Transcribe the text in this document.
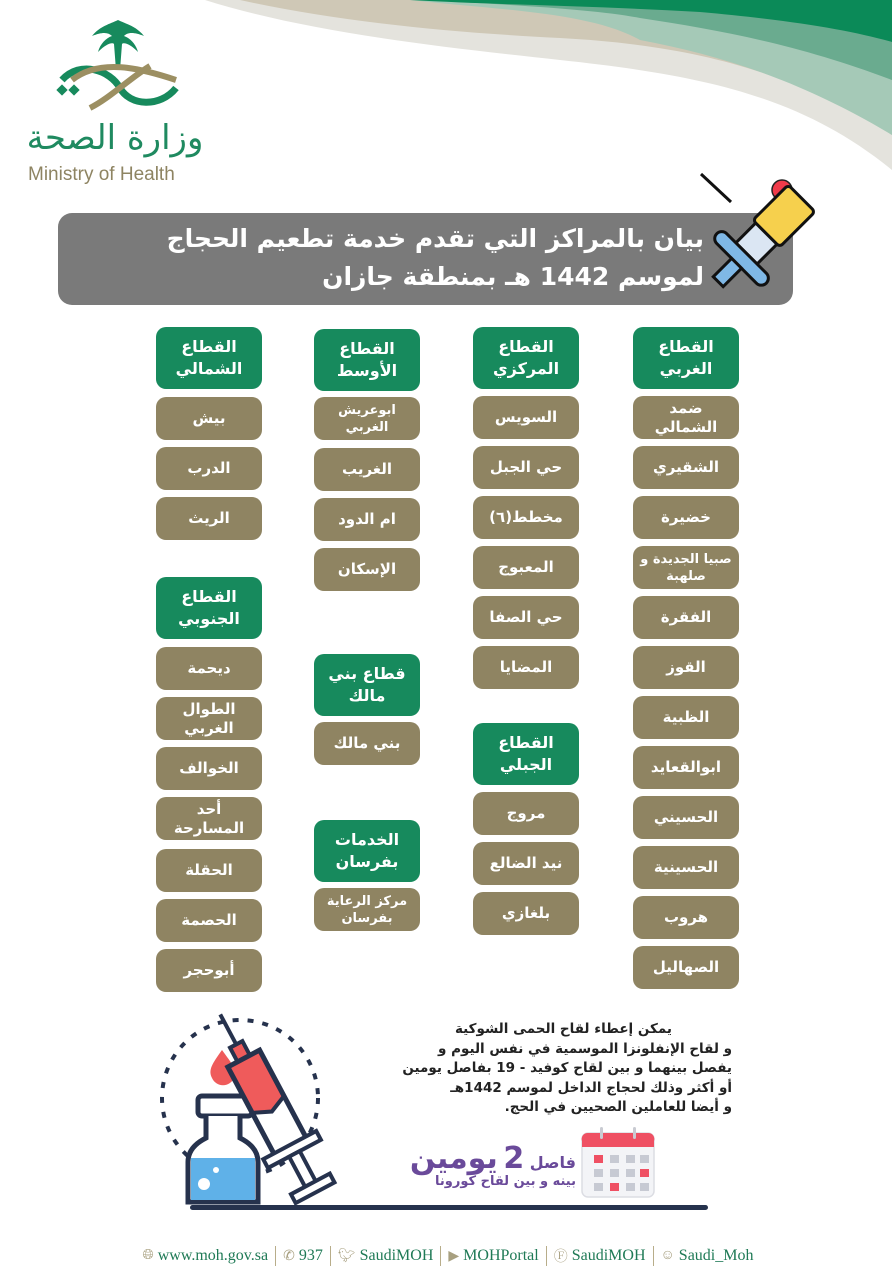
وزارة الصحة
Ministry of Health
بيان بالمراكز التي تقدم خدمة تطعيم الحجاج
لموسم 1442 هـ بمنطقة جازان
القطاع الغربي
ضمد الشمالي
الشقيري
خضيرة
صبيا الجديدة و صلهبة
الفقرة
القوز
الظبية
ابوالقعايد
الحسيني
الحسينية
هروب
الصهاليل
القطاع المركزي
السويس
حي الجبل
مخطط(٦)
المعبوج
حي الصفا
المضايا
القطاع الجبلي
مروج
نيد الضالع
بلغازي
القطاع الأوسط
ابوعريش الغربي
الغريب
ام الدود
الإسكان
قطاع بني مالك
بني مالك
الخدمات بفرسان
مركز الرعاية بفرسان
القطاع الشمالي
بيش
الدرب
الريث
القطاع الجنوبي
ديحمة
الطوال الغربي
الخوالف
أحد المسارحة
الحقلة
الحصمة
أبوحجر
يمكن إعطاء لقاح الحمى الشوكية
و لقاح الإنفلونزا الموسمية في نفس اليوم و
يفصل بينهما و بين لقاح كوفيد - 19 بفاصل يومين
أو أكثر وذلك لحجاج الداخل لموسم 1442هـ
و أيضا للعاملين الصحيين في الحج.
فاصل 2 يومين
بينه و بين لقاح كورونا
🌐︎ www.moh.gov.sa ✆ 937 🐦︎ SaudiMOH ▶ MOHPortal Ⓕ SaudiMOH ☺ Saudi_Moh
